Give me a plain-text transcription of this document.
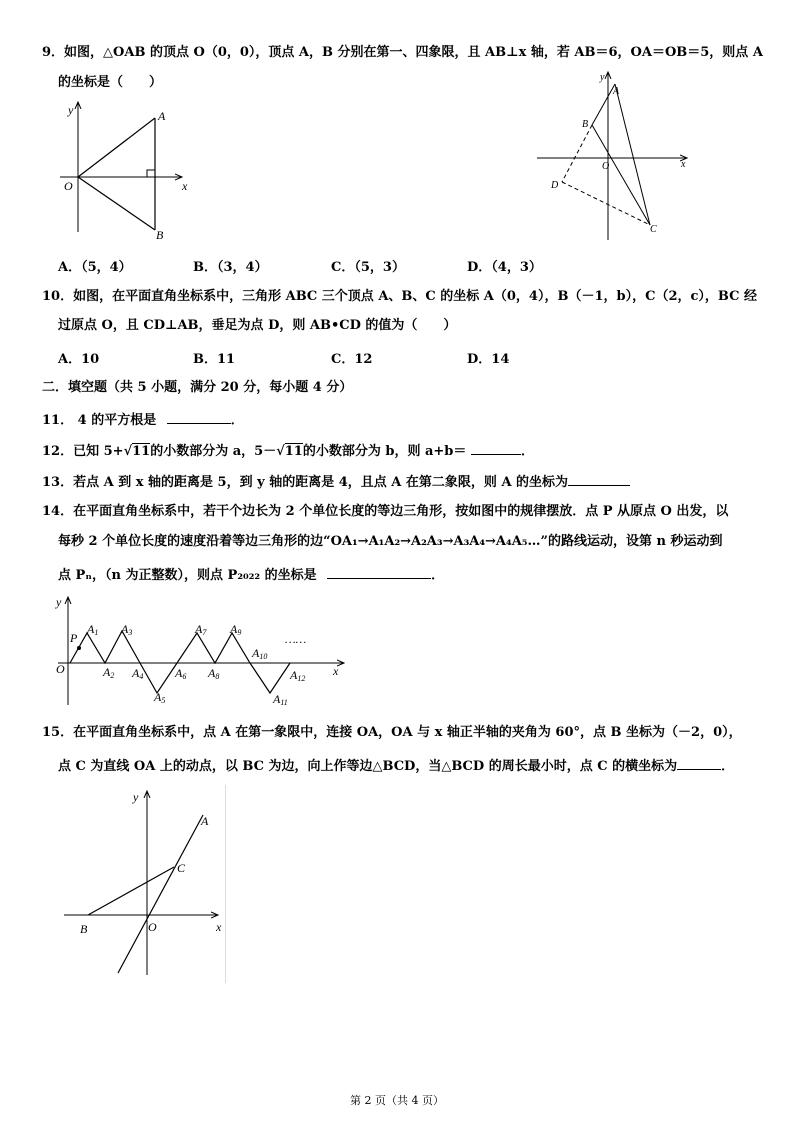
9．如图，△OAB 的顶点 O（0，0），顶点 A，B 分别在第一、四象限，且 AB⊥x 轴，若 AB＝6，OA＝OB＝5，则点 A
的坐标是（　　）
y	A
O	x
B
y
A
B
O	x
D
C
A．（5，4）	B．（3，4）	C．（5，3）	D．（4，3）
10．如图，在平面直角坐标系中，三角形 ABC 三个顶点 A、B、C 的坐标 A（0，4），B（－1，b），C（2，c），BC 经
过原点 O，且 CD⊥AB，垂足为点 D，则 AB•CD 的值为（　　）
A．10	B．11	C．12	D．14
二．填空题（共 5 小题，满分 20 分，每小题 4 分）
11． 4 的平方根是	．
12．已知 5+√11的小数部分为 a，5－√11的小数部分为 b，则 a+b＝	．
13．若点 A 到 x 轴的距离是 5，到 y 轴的距离是 4，且点 A 在第二象限，则 A 的坐标为
14．在平面直角坐标系中，若干个边长为 2 个单位长度的等边三角形，按如图中的规律摆放．点 P 从原点 O 出发，以
每秒 2 个单位长度的速度沿着等边三角形的边“OA₁→A₁A₂→A₂A₃→A₃A₄→A₄A₅…”的路线运动，设第 n 秒运动到
点 Pₙ，（n 为正整数），则点 P₂₀₂₂ 的坐标是	．
y
O	x
P
A1
A2
A3
A4
A5
A6
A7
A8
A9
A10
A11
A12
……
15．在平面直角坐标系中，点 A 在第一象限中，连接 OA，OA 与 x 轴正半轴的夹角为 60°，点 B 坐标为（－2，0），
点 C 为直线 OA 上的动点，以 BC 为边，向上作等边△BCD，当△BCD 的周长最小时，点 C 的横坐标为	．
y
A
C
B	O	x
第 2 页（共 4 页）
